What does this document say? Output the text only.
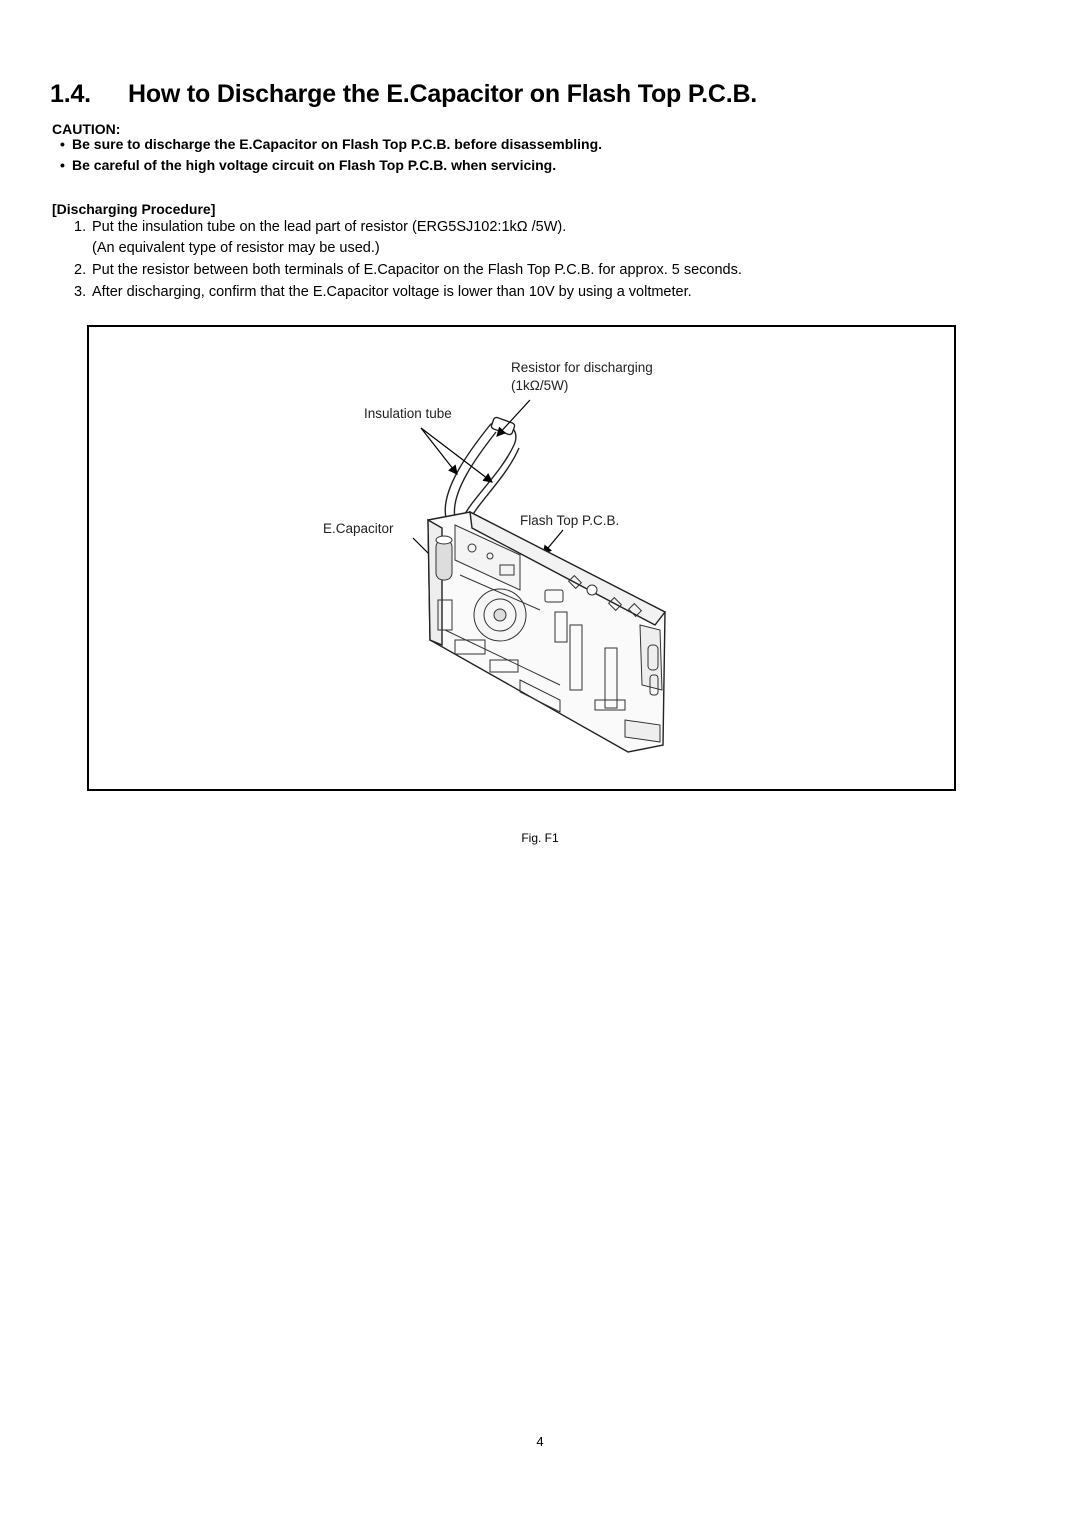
1.4. How to Discharge the E.Capacitor on Flash Top P.C.B.
CAUTION:
• Be sure to discharge the E.Capacitor on Flash Top P.C.B. before disassembling.
• Be careful of the high voltage circuit on Flash Top P.C.B. when servicing.
[Discharging Procedure]
1. Put the insulation tube on the lead part of resistor (ERG5SJ102:1kΩ /5W).
(An equivalent type of resistor may be used.)
2. Put the resistor between both terminals of E.Capacitor on the Flash Top P.C.B. for approx. 5 seconds.
3. After discharging, confirm that the E.Capacitor voltage is lower than 10V by using a voltmeter.
Resistor for discharging
(1kΩ/5W)
Insulation tube
E.Capacitor
Flash Top P.C.B.
Fig. F1
4
